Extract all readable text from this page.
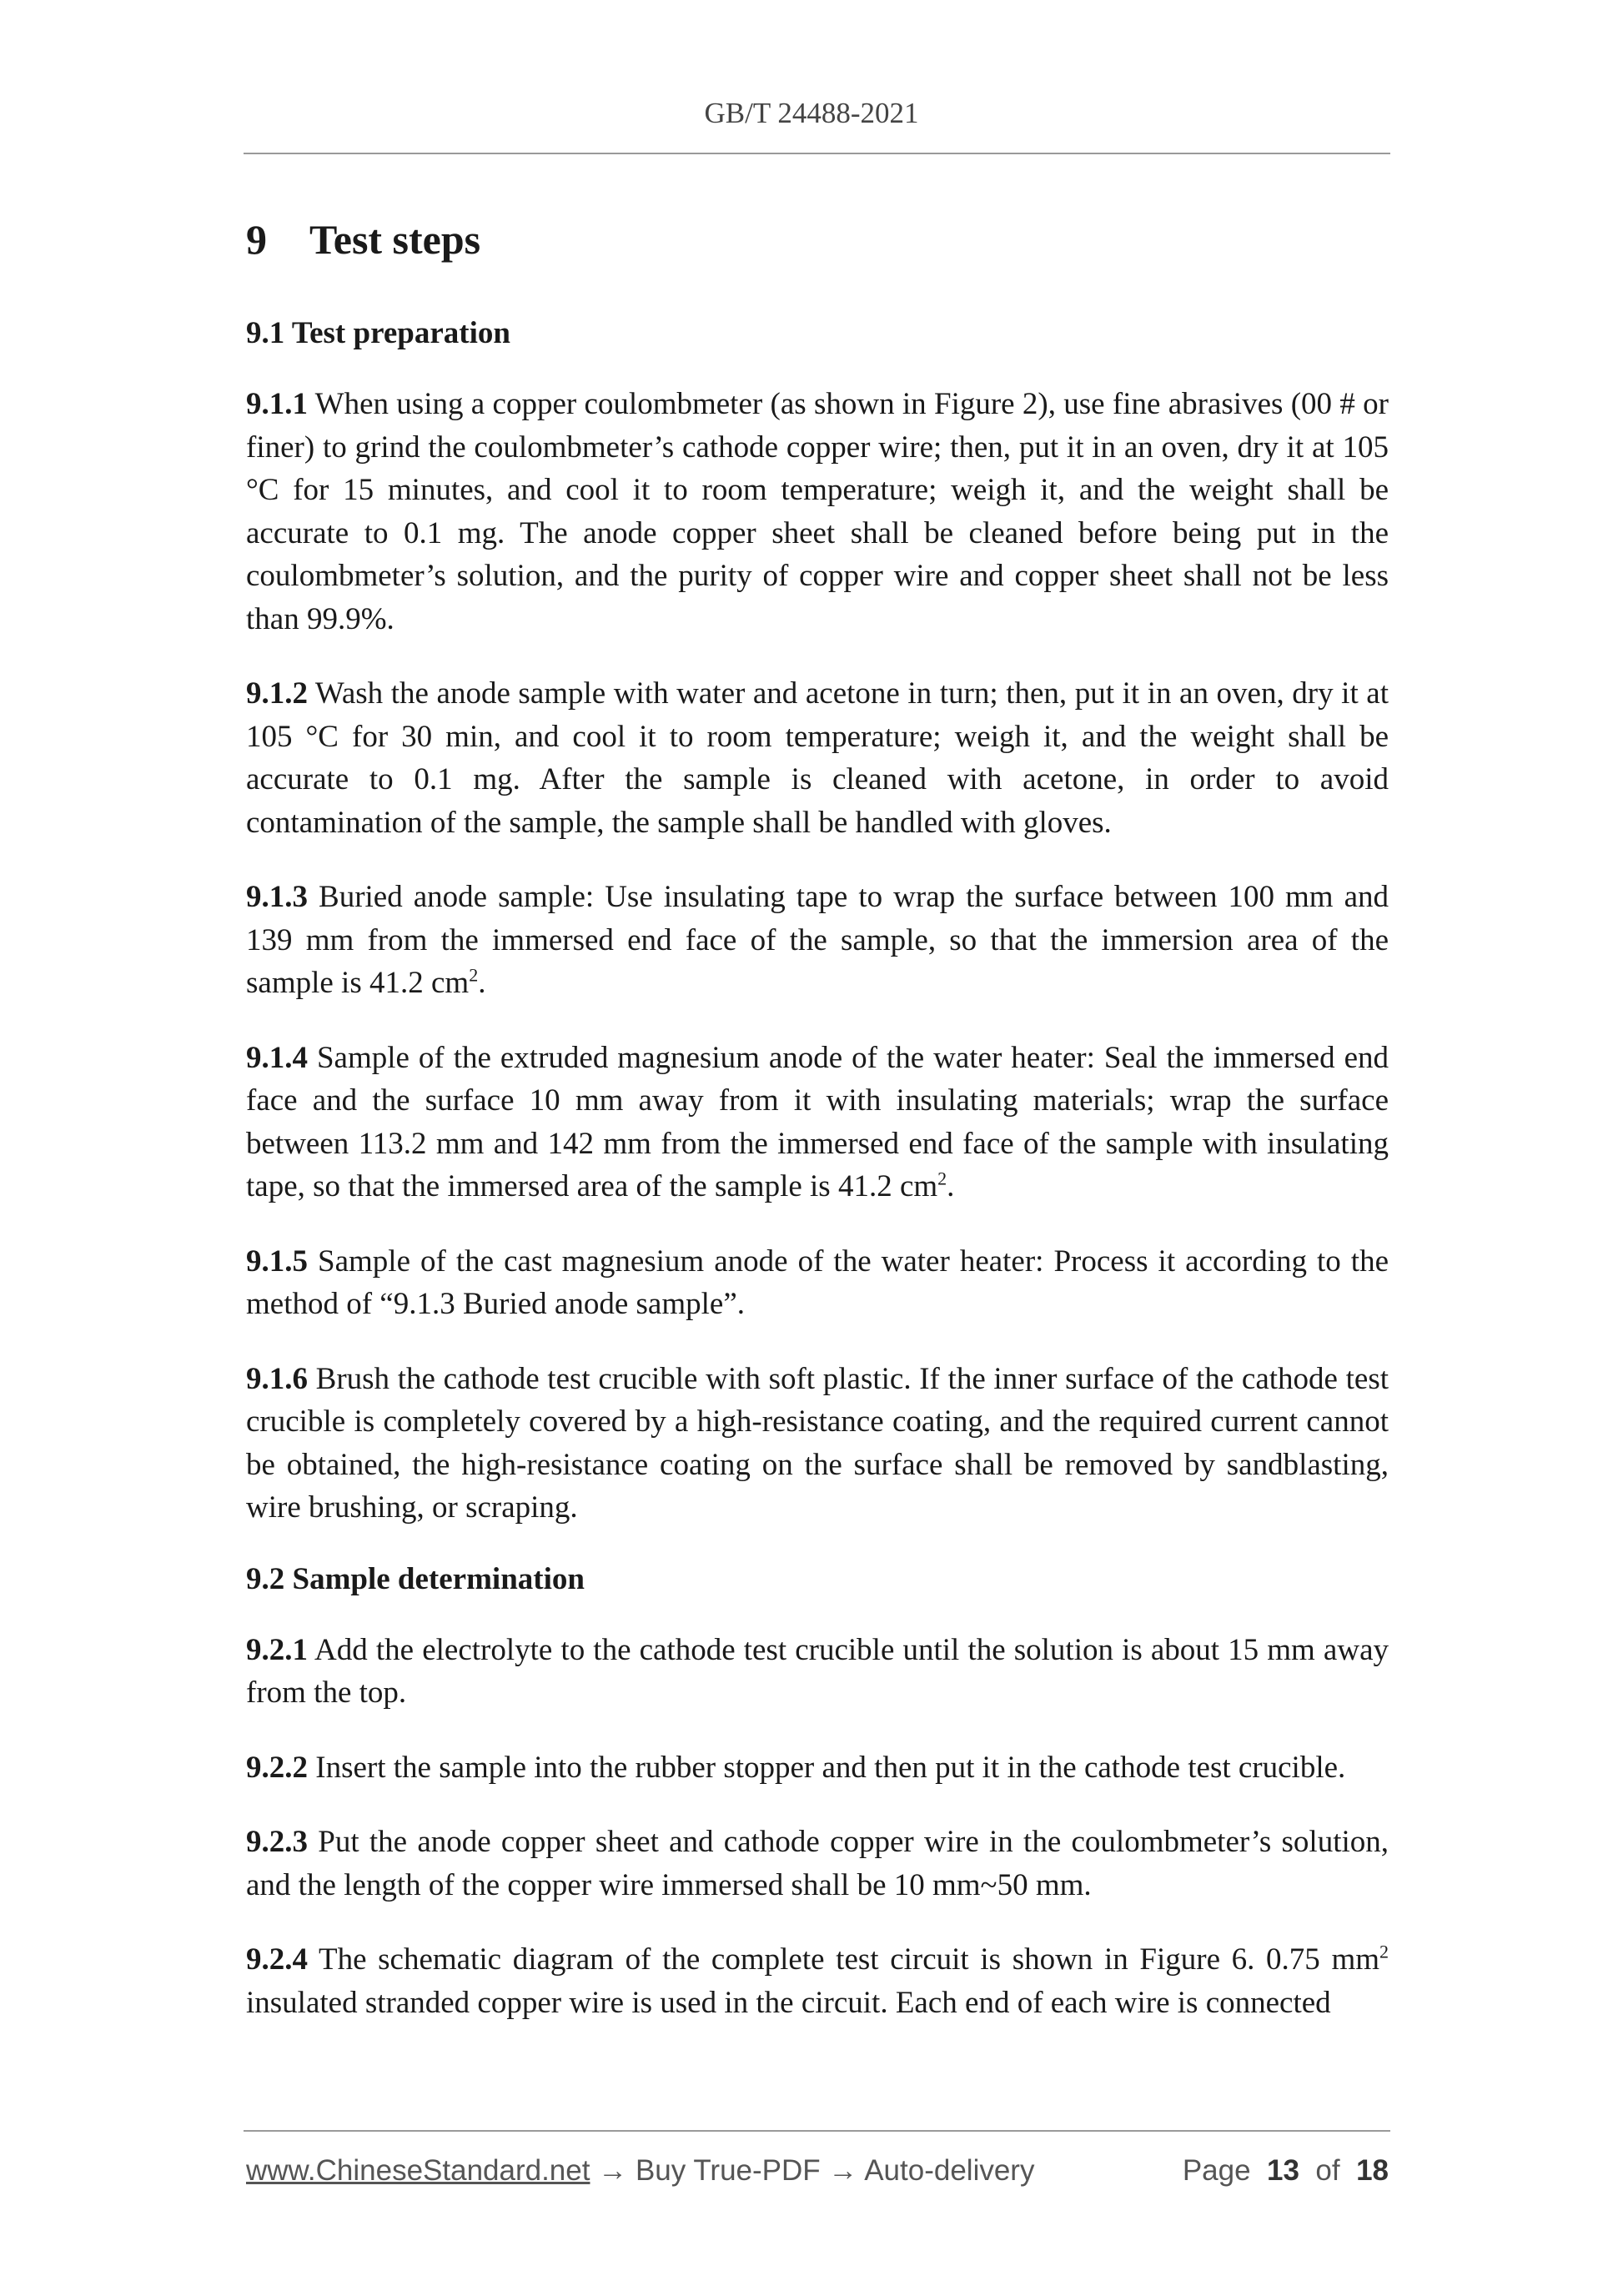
GB/T 24488-2021
9 Test steps
9.1 Test preparation

9.1.1 When using a copper coulombmeter (as shown in Figure 2), use fine abrasives (00 # or finer) to grind the coulombmeter’s cathode copper wire; then, put it in an oven, dry it at 105 °C for 15 minutes, and cool it to room temperature; weigh it, and the weight shall be accurate to 0.1 mg. The anode copper sheet shall be cleaned before being put in the coulombmeter’s solution, and the purity of copper wire and copper sheet shall not be less than 99.9%.

9.1.2 Wash the anode sample with water and acetone in turn; then, put it in an oven, dry it at 105 °C for 30 min, and cool it to room temperature; weigh it, and the weight shall be accurate to 0.1 mg. After the sample is cleaned with acetone, in order to avoid contamination of the sample, the sample shall be handled with gloves.

9.1.3 Buried anode sample: Use insulating tape to wrap the surface between 100 mm and 139 mm from the immersed end face of the sample, so that the immersion area of the sample is 41.2 $cm^2$.

9.1.4 Sample of the extruded magnesium anode of the water heater: Seal the immersed end face and the surface 10 mm away from it with insulating materials; wrap the surface between 113.2 mm and 142 mm from the immersed end face of the sample with insulating tape, so that the immersed area of the sample is 41.2 $cm^2$.

9.1.5 Sample of the cast magnesium anode of the water heater: Process it according to the method of “9.1.3 Buried anode sample”.

9.1.6 Brush the cathode test crucible with soft plastic. If the inner surface of the cathode test crucible is completely covered by a high-resistance coating, and the required current cannot be obtained, the high-resistance coating on the surface shall be removed by sandblasting, wire brushing, or scraping.

9.2 Sample determination

9.2.1 Add the electrolyte to the cathode test crucible until the solution is about 15 mm away from the top.

9.2.2 Insert the sample into the rubber stopper and then put it in the cathode test crucible.

9.2.3 Put the anode copper sheet and cathode copper wire in the coulombmeter’s solution, and the length of the copper wire immersed shall be 10 mm~50 mm.

9.2.4 The schematic diagram of the complete test circuit is shown in Figure 6. 0.75 $mm^2$ insulated stranded copper wire is used in the circuit. Each end of each wire is connected

www.ChineseStandard.net → Buy True-PDF → Auto-delivery	Page 13 of 18
